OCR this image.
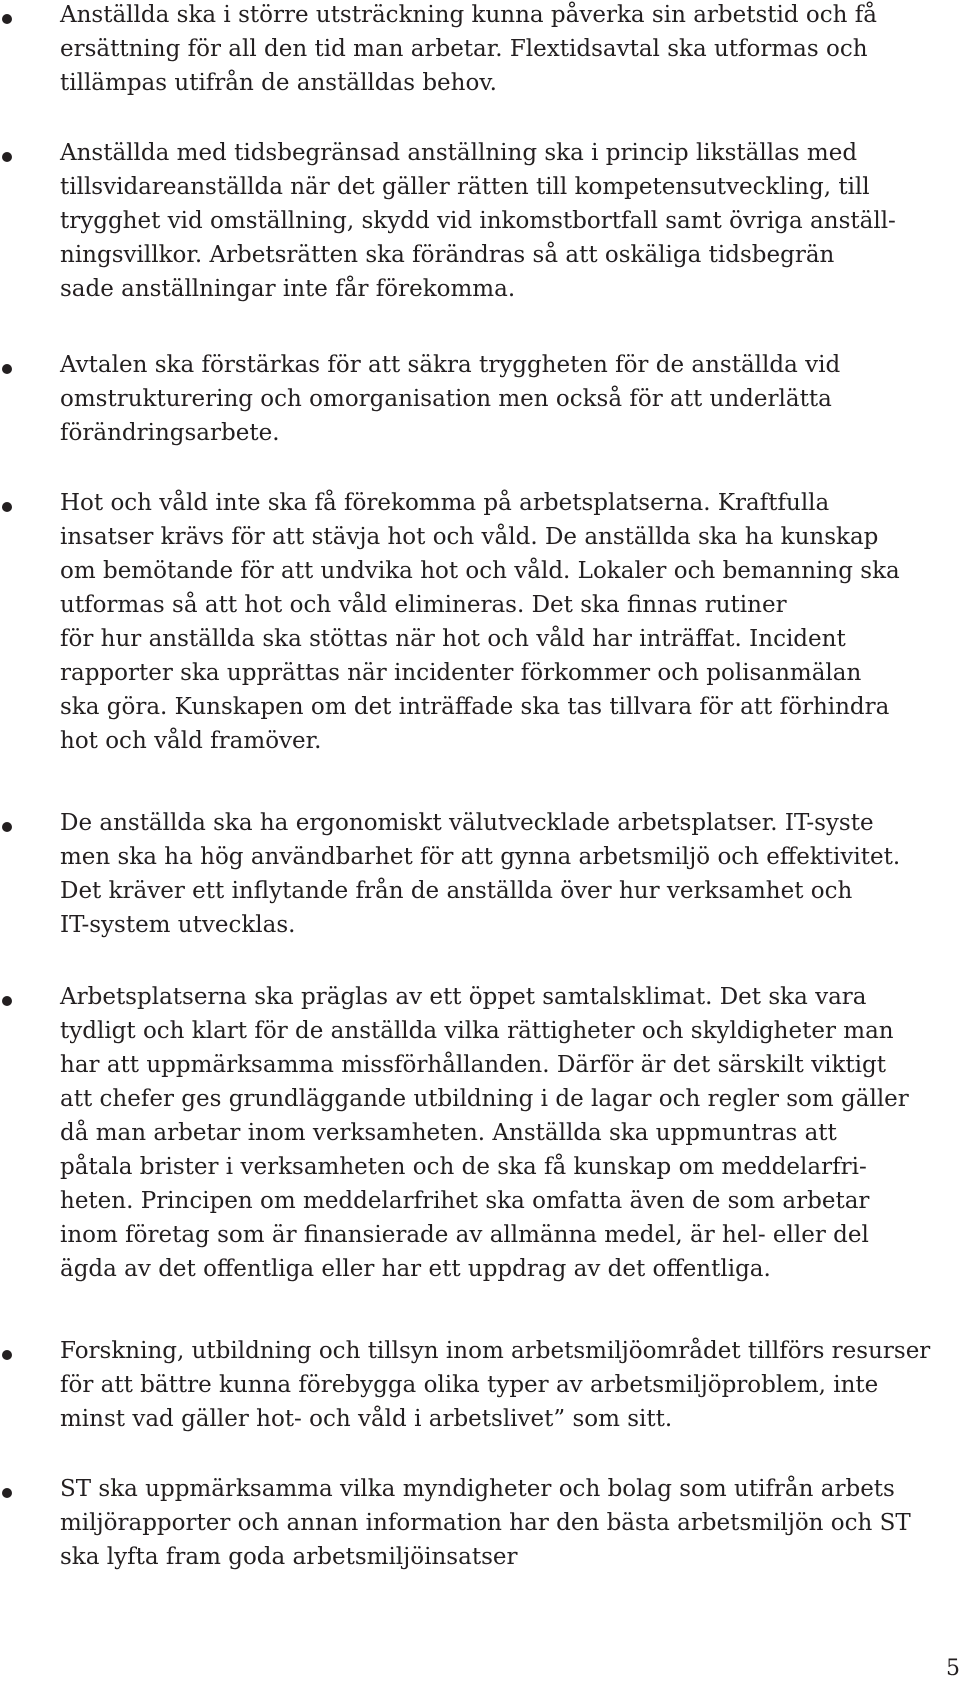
Anställda ska i större utsträckning kunna påverka sin arbetstid och få
ersättning för all den tid man arbetar. Flextidsavtal ska utformas och
tillämpas utifrån de anställdas behov.
Anställda med tidsbegränsad anställning ska i princip likställas med
tillsvidareanställda när det gäller rätten till kompetensutveckling, till
trygghet vid omställning, skydd vid inkomstbortfall samt övriga anställ-
ningsvillkor. Arbetsrätten ska förändras så att oskäliga tidsbegrän
sade anställningar inte får förekomma.
Avtalen ska förstärkas för att säkra tryggheten för de anställda vid
omstrukturering och omorganisation men också för att underlätta
förändringsarbete.
Hot och våld inte ska få förekomma på arbetsplatserna. Kraftfulla
insatser krävs för att stävja hot och våld. De anställda ska ha kunskap
om bemötande för att undvika hot och våld. Lokaler och bemanning ska
utformas så att hot och våld elimineras. Det ska finnas rutiner
för hur anställda ska stöttas när hot och våld har inträffat. Incident
rapporter ska upprättas när incidenter förkommer och polisanmälan
ska göra. Kunskapen om det inträffade ska tas tillvara för att förhindra
hot och våld framöver.
De anställda ska ha ergonomiskt välutvecklade arbetsplatser. IT-syste
men ska ha hög användbarhet för att gynna arbetsmiljö och effektivitet.
Det kräver ett inflytande från de anställda över hur verksamhet och
IT-system utvecklas.
Arbetsplatserna ska präglas av ett öppet samtalsklimat. Det ska vara
tydligt och klart för de anställda vilka rättigheter och skyldigheter man
har att uppmärksamma missförhållanden. Därför är det särskilt viktigt
att chefer ges grundläggande utbildning i de lagar och regler som gäller
då man arbetar inom verksamheten. Anställda ska uppmuntras att
påtala brister i verksamheten och de ska få kunskap om meddelarfri-
heten. Principen om meddelarfrihet ska omfatta även de som arbetar
inom företag som är finansierade av allmänna medel, är hel- eller del
ägda av det offentliga eller har ett uppdrag av det offentliga.
Forskning, utbildning och tillsyn inom arbetsmiljöområdet tillförs resurser
för att bättre kunna förebygga olika typer av arbetsmiljöproblem, inte
minst vad gäller hot- och våld i arbetslivet” som sitt.
ST ska uppmärksamma vilka myndigheter och bolag som utifrån arbets
miljörapporter och annan information har den bästa arbetsmiljön och ST
ska lyfta fram goda arbetsmiljöinsatser
5
